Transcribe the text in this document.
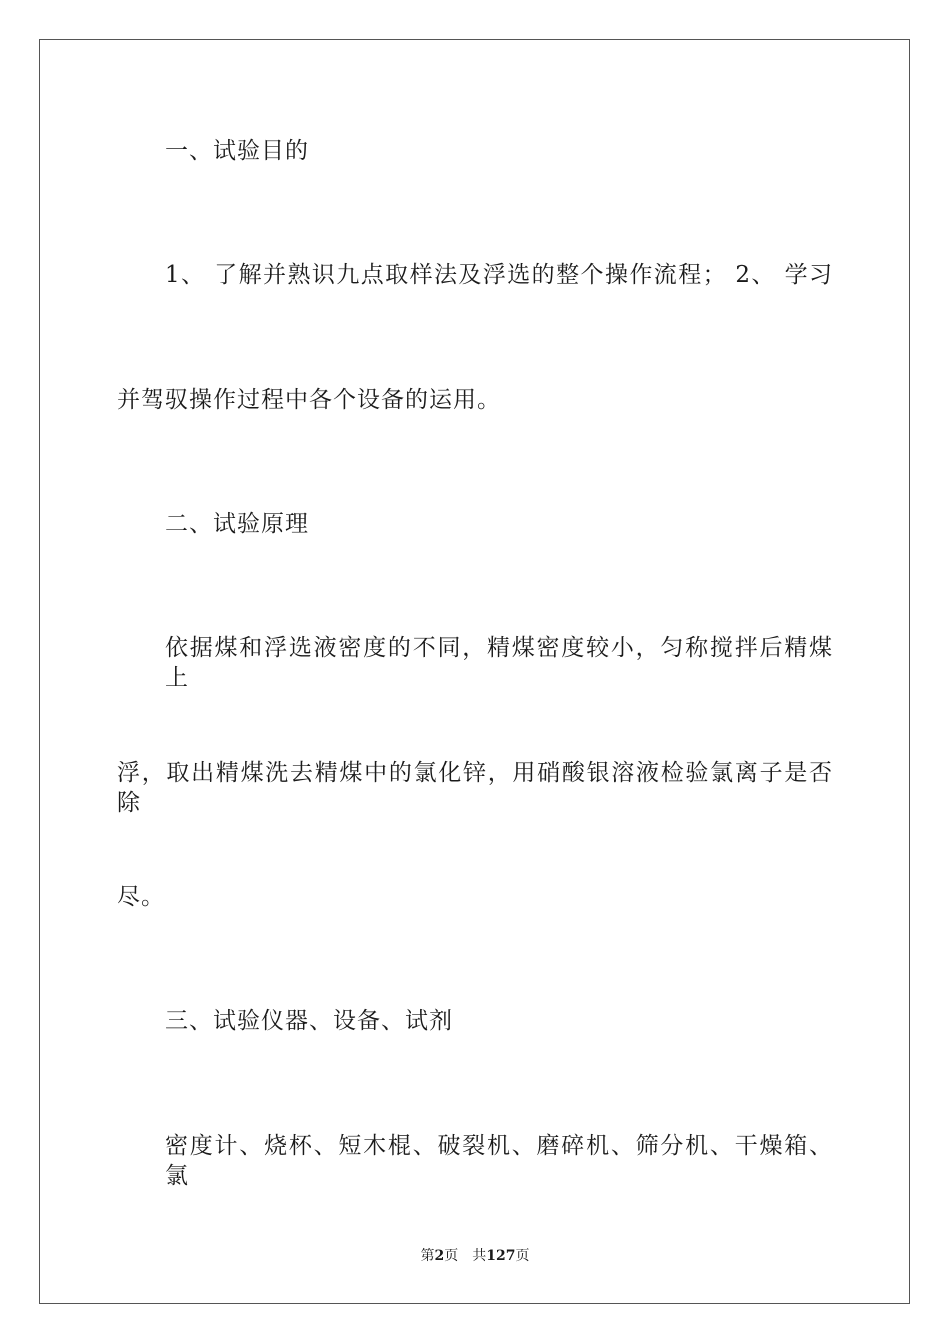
一、试验目的
1、 了解并熟识九点取样法及浮选的整个操作流程； 2、 学习
并驾驭操作过程中各个设备的运用。
二、试验原理
依据煤和浮选液密度的不同，精煤密度较小，匀称搅拌后精煤上
浮，取出精煤洗去精煤中的氯化锌，用硝酸银溶液检验氯离子是否除
尽。
三、试验仪器、设备、试剂
密度计、烧杯、短木棍、破裂机、磨碎机、筛分机、干燥箱、氯
第2页 共127页
